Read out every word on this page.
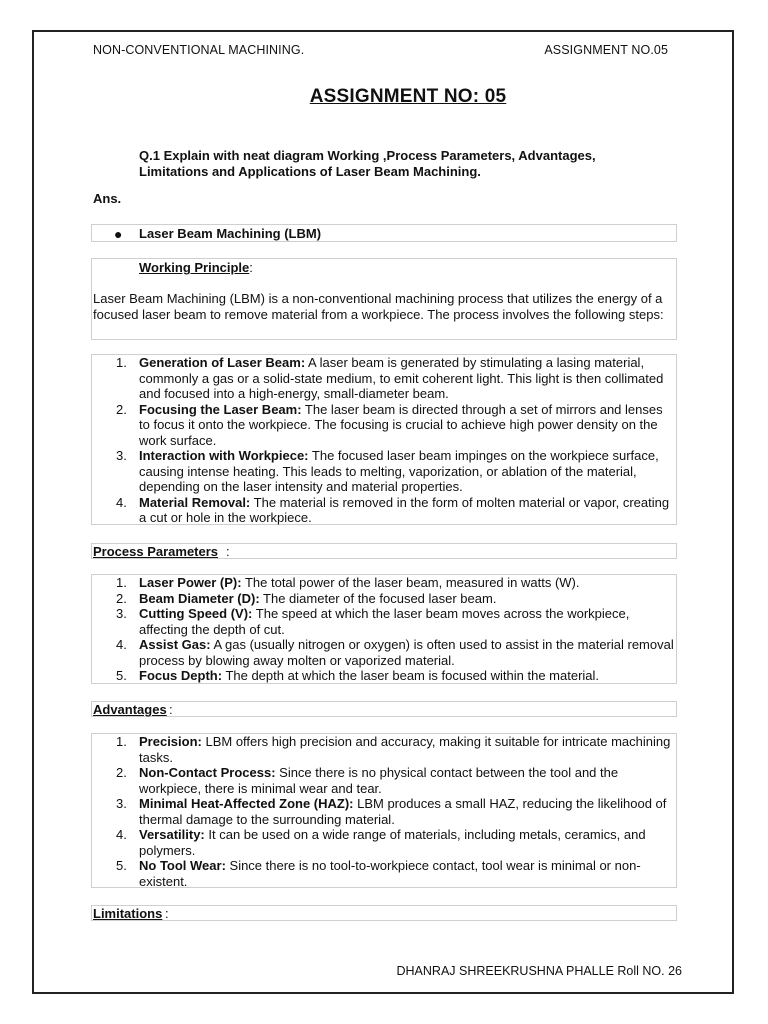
NON-CONVENTIONAL MACHINING.	ASSIGNMENT NO.05
ASSIGNMENT NO: 05
Q.1 Explain with neat diagram Working ,Process Parameters, Advantages, Limitations and Applications of Laser Beam Machining.
Ans.
● Laser Beam Machining (LBM)
Working Principle:
Laser Beam Machining (LBM) is a non-conventional machining process that utilizes the energy of a focused laser beam to remove material from a workpiece. The process involves the following steps:
1. Generation of Laser Beam: A laser beam is generated by stimulating a lasing material, commonly a gas or a solid-state medium, to emit coherent light. This light is then collimated and focused into a high-energy, small-diameter beam.
2. Focusing the Laser Beam: The laser beam is directed through a set of mirrors and lenses to focus it onto the workpiece. The focusing is crucial to achieve high power density on the work surface.
3. Interaction with Workpiece: The focused laser beam impinges on the workpiece surface, causing intense heating. This leads to melting, vaporization, or ablation of the material, depending on the laser intensity and material properties.
4. Material Removal: The material is removed in the form of molten material or vapor, creating a cut or hole in the workpiece.
Process Parameters :
1. Laser Power (P): The total power of the laser beam, measured in watts (W).
2. Beam Diameter (D): The diameter of the focused laser beam.
3. Cutting Speed (V): The speed at which the laser beam moves across the workpiece, affecting the depth of cut.
4. Assist Gas: A gas (usually nitrogen or oxygen) is often used to assist in the material removal process by blowing away molten or vaporized material.
5. Focus Depth: The depth at which the laser beam is focused within the material.
Advantages :
1. Precision: LBM offers high precision and accuracy, making it suitable for intricate machining tasks.
2. Non-Contact Process: Since there is no physical contact between the tool and the workpiece, there is minimal wear and tear.
3. Minimal Heat-Affected Zone (HAZ): LBM produces a small HAZ, reducing the likelihood of thermal damage to the surrounding material.
4. Versatility: It can be used on a wide range of materials, including metals, ceramics, and polymers.
5. No Tool Wear: Since there is no tool-to-workpiece contact, tool wear is minimal or non-existent.
Limitations :
DHANRAJ SHREEKRUSHNA PHALLE Roll NO. 26
